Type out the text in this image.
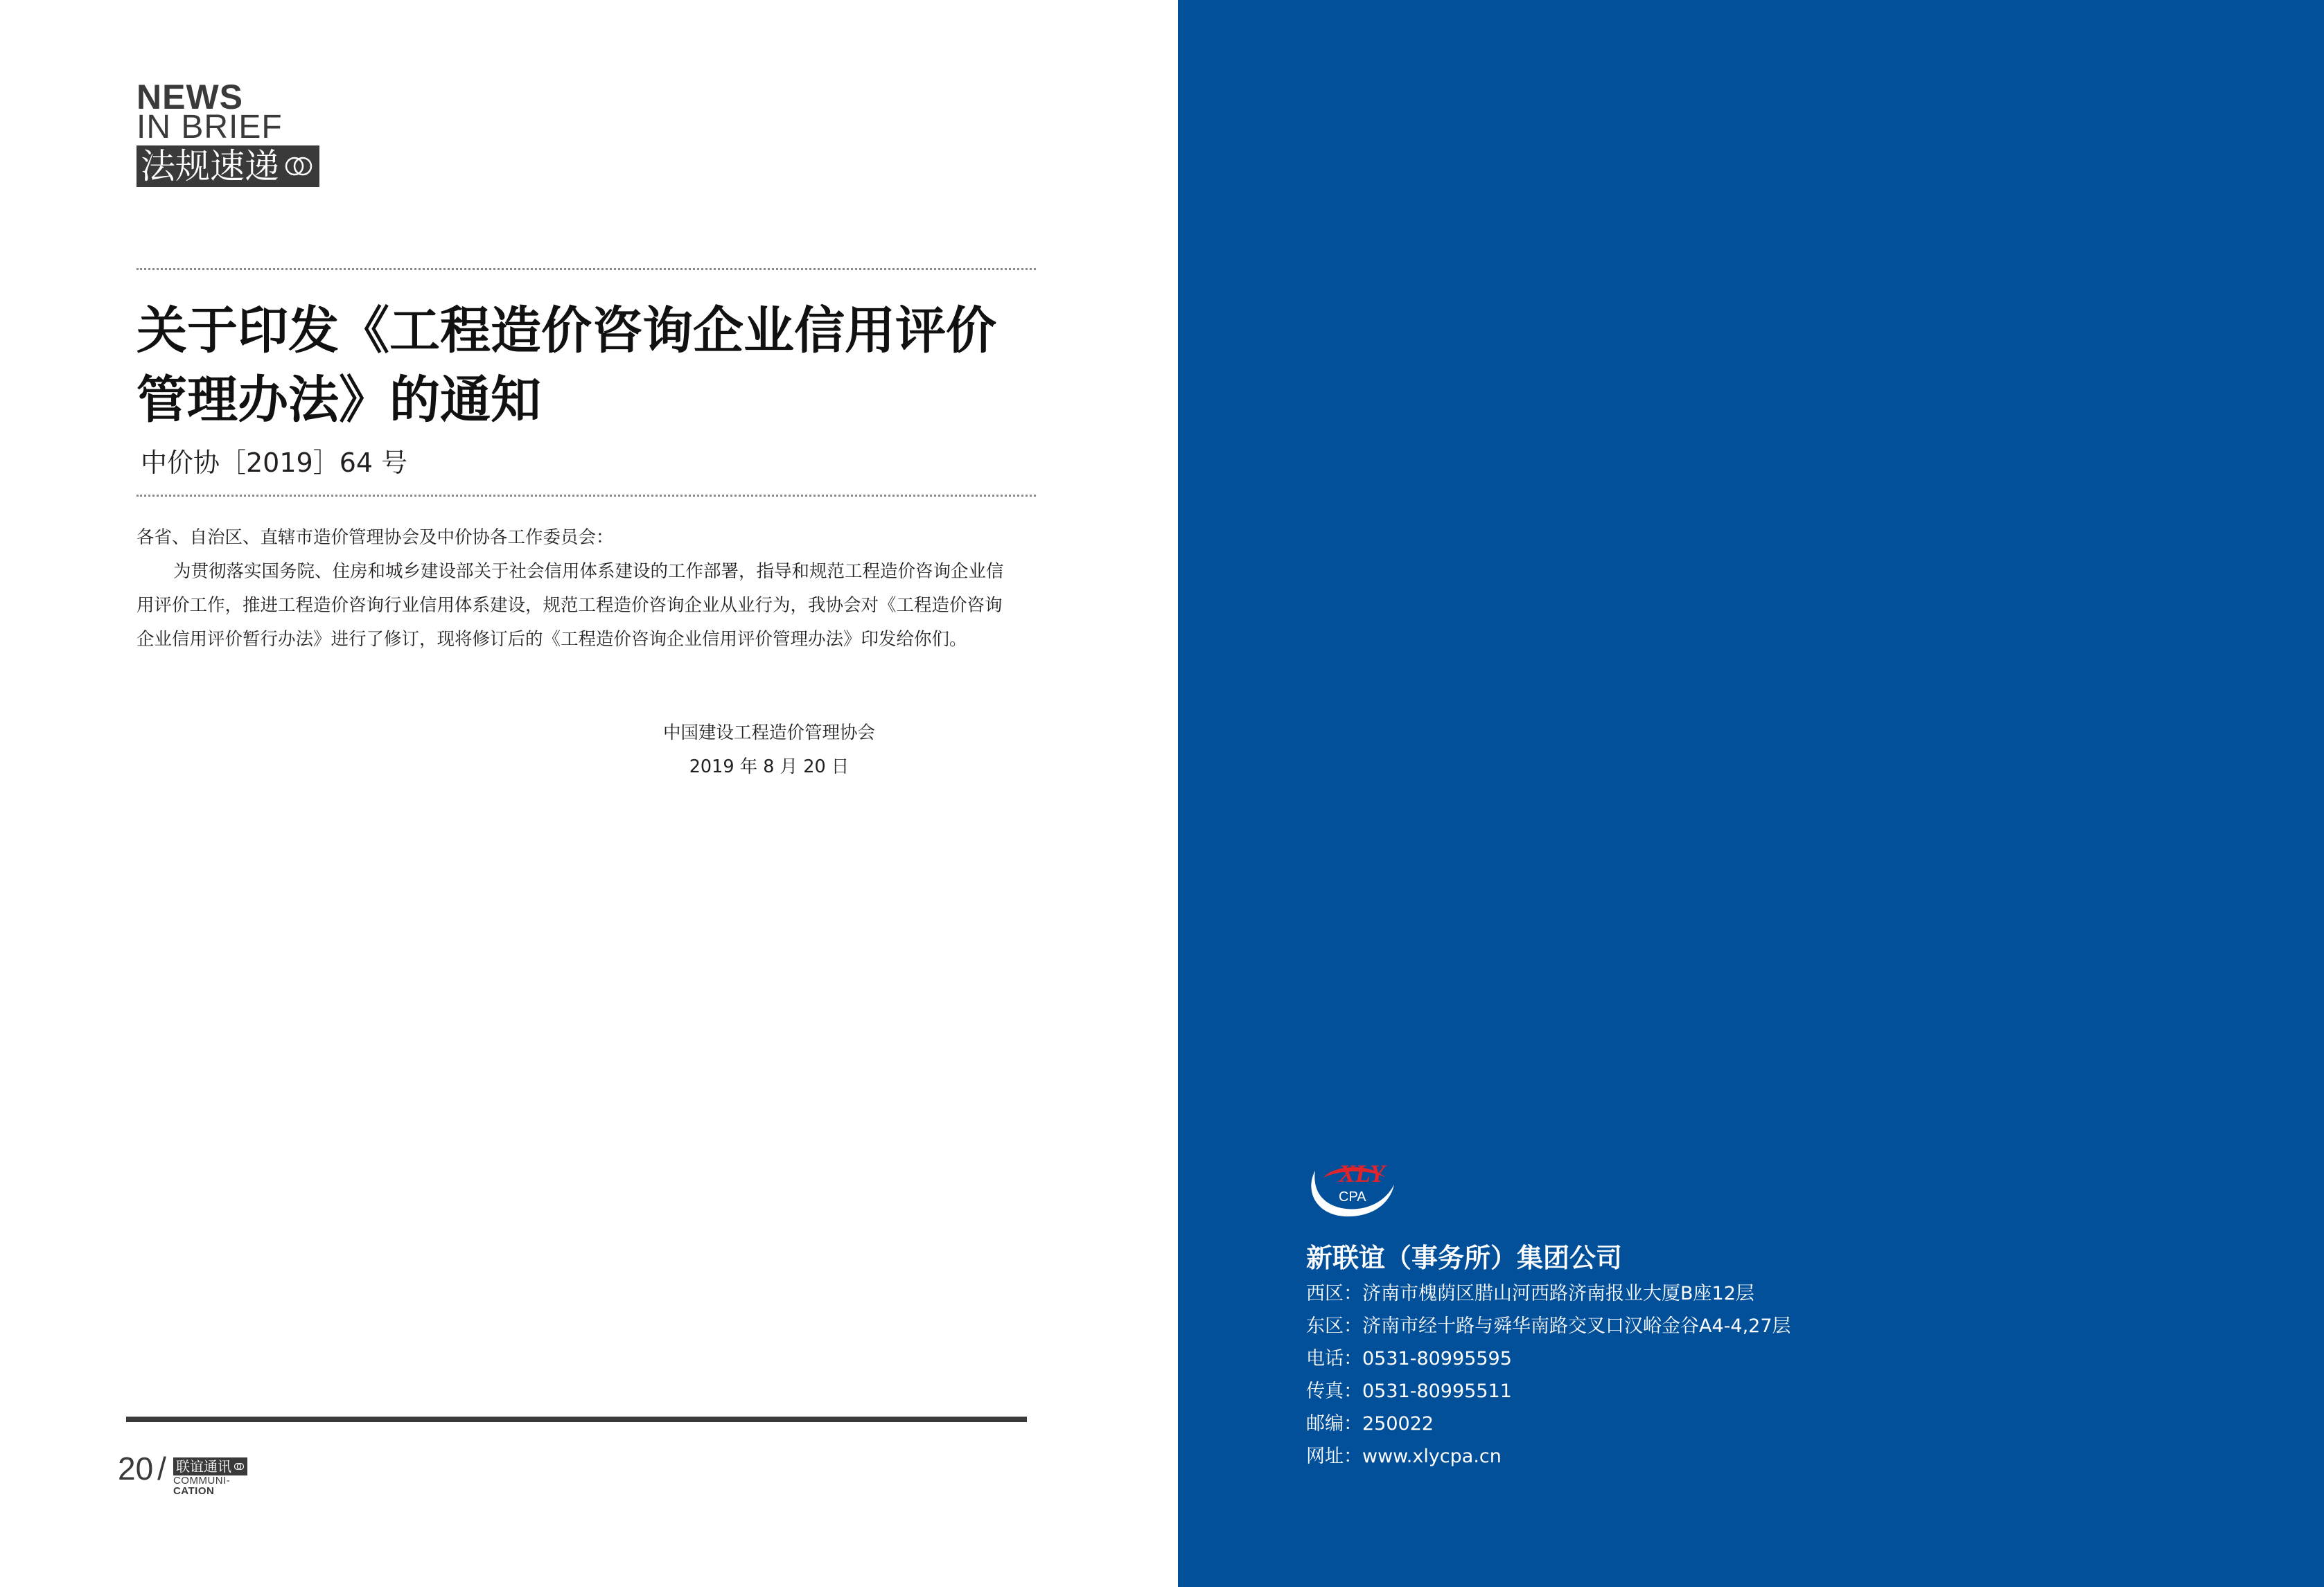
NEWS
IN BRIEF
法规速递
关于印发《工程造价咨询企业信用评价
管理办法》的通知
中价协［2019］64 号

各省、自治区、直辖市造价管理协会及中价协各工作委员会：

为贯彻落实国务院、住房和城乡建设部关于社会信用体系建设的工作部署，指导和规范工程造价咨询企业信

用评价工作，推进工程造价咨询行业信用体系建设，规范工程造价咨询企业从业行为，我协会对《工程造价咨询

企业信用评价暂行办法》进行了修订，现将修订后的《工程造价咨询企业信用评价管理办法》印发给你们。

中国建设工程造价管理协会
2019 年 8 月 20 日
20 / 联谊通讯
COMMUNI-
CATION
XLY
CPA
新联谊（事务所）集团公司
西区：济南市槐荫区腊山河西路济南报业大厦B座12层
东区：济南市经十路与舜华南路交叉口汉峪金谷A4-4,27层
电话：0531-80995595
传真：0531-80995511
邮编：250022
网址：www.xlycpa.cn
